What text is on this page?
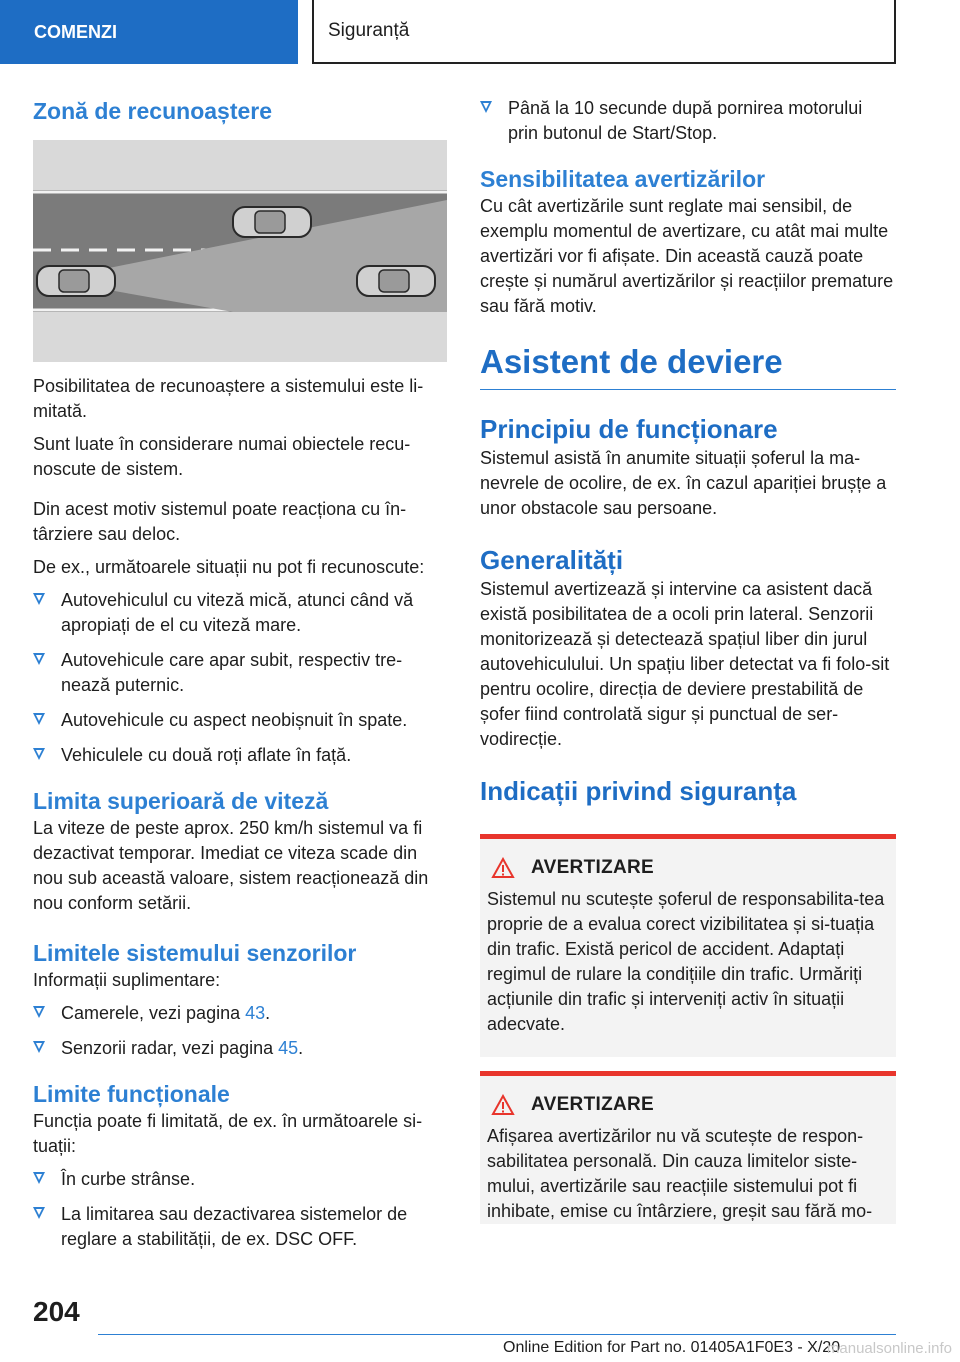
COMENZI	Siguranță
Zonă de recunoaștere

Posibilitatea de recunoaștere a sistemului este li-mitată.

Sunt luate în considerare numai obiectele recu-noscute de sistem.

Din acest motiv sistemul poate reacționa cu în-târziere sau deloc.

De ex., următoarele situații nu pot fi recunoscute:

Autovehiculul cu viteză mică, atunci când vă apropiați de el cu viteză mare.
Autovehicule care apar subit, respectiv tre-nează puternic.
Autovehicule cu aspect neobișnuit în spate.
Vehiculele cu două roți aflate în față.
Limita superioară de viteză

La viteze de peste aprox. 250 km/h sistemul va fi dezactivat temporar. Imediat ce viteza scade din nou sub această valoare, sistem reacționează din nou conform setării.

Limitele sistemului senzorilor

Informații suplimentare:

Camerele, vezi pagina 43.
Senzorii radar, vezi pagina 45.
Limite funcționale

Funcția poate fi limitată, de ex. în următoarele si-tuații:

În curbe strânse.
La limitarea sau dezactivarea sistemelor de reglare a stabilității, de ex. DSC OFF.
Până la 10 secunde după pornirea motorului prin butonul de Start/Stop.
Sensibilitatea avertizărilor

Cu cât avertizările sunt reglate mai sensibil, de exemplu momentul de avertizare, cu atât mai multe avertizări vor fi afișate. Din această cauză poate crește și numărul avertizărilor și reacțiilor premature sau fără motiv.

Asistent de deviere
Principiu de funcționare

Sistemul asistă în anumite situații șoferul la ma-nevrele de ocolire, de ex. în cazul apariției brușțe a unor obstacole sau persoane.

Generalități

Sistemul avertizează și intervine ca asistent dacă există posibilitatea de a ocoli prin lateral. Senzorii monitorizează și detectează spațiul liber din jurul autovehiculului. Un spațiu liber detectat va fi folo-sit pentru ocolire, direcția de deviere prestabilită de șofer fiind controlată sigur și punctual de ser-vodirecție.

Indicații privind siguranța
AVERTIZARE

Sistemul nu scutește șoferul de responsabilita-tea proprie de a evalua corect vizibilitatea și si-tuația din trafic. Există pericol de accident. Adaptați regimul de rulare la condițiile din trafic. Urmăriți acțiunile din trafic și interveniți activ în situații adecvate.

AVERTIZARE

Afișarea avertizărilor nu vă scutește de respon-sabilitatea personală. Din cauza limitelor siste-mului, avertizările sau reacțiile sistemului pot fi inhibate, emise cu întârziere, greșit sau fără mo-

204
Online Edition for Part no. 01405A1F0E3 - X/20
manualsonline.info
